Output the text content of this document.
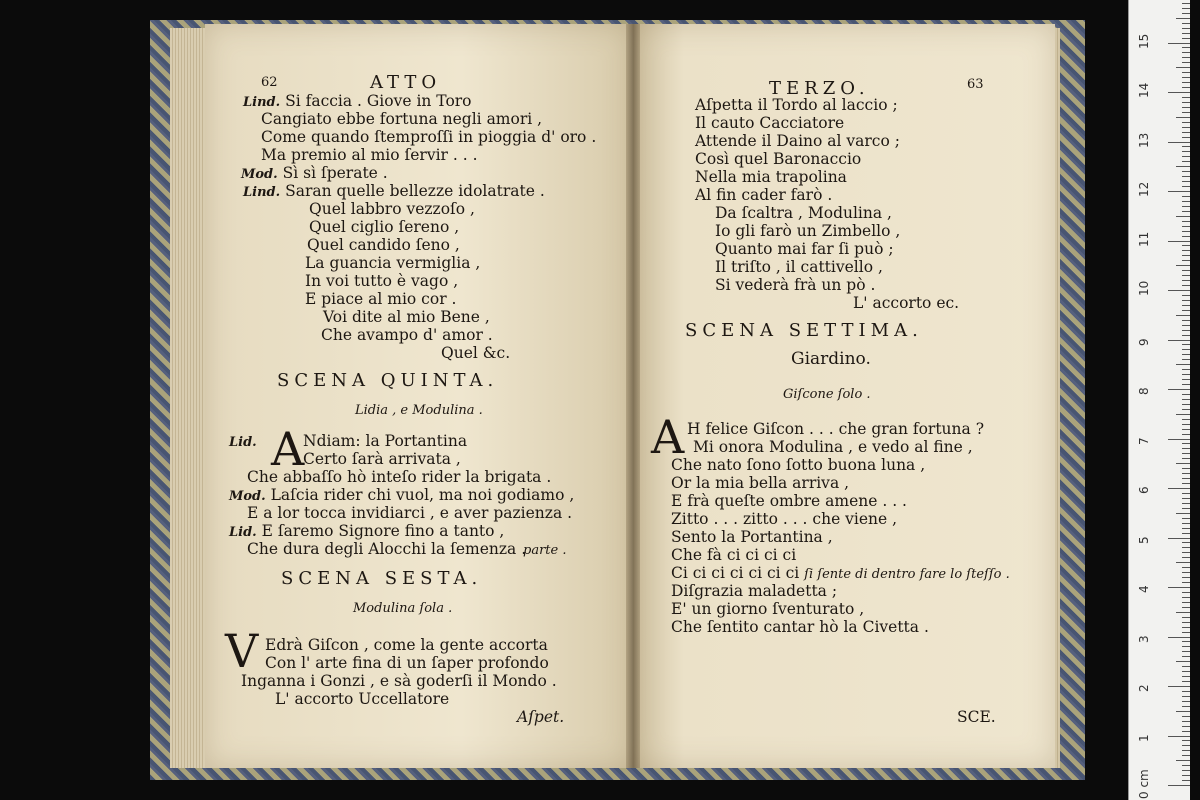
62	ATTO
Lind. Si faccia . Giove in Toro
Cangiato ebbe fortuna negli amori ,
Come quando ſtemproſſi in pioggia d' oro .
Ma premio al mio ſervir . . .
Mod. Sì sì ſperate .
Lind. Saran quelle bellezze idolatrate .
Quel labbro vezzoſo ,
Quel ciglio ſereno ,
Quel candido ſeno ,
La guancia vermiglia ,
In voi tutto è vago ,
E piace al mio cor .
Voi dite al mio Bene ,
Che avampo d' amor .
Quel &c.
SCENA QUINTA.
Lidia , e Modulina .
A
Lid.	Ndiam: la Portantina
Certo ſarà arrivata ,
Che abbaſſo hò inteſo rider la brigata .
Mod. Laſcia rider chi vuol, ma noi godiamo ,
E a lor tocca invidiarci , e aver pazienza .
Lid. E ſaremo Signore fino a tanto ,
Che dura degli Alocchi la ſemenza .
parte .
SCENA SESTA.
Modulina ſola .
V Edrà Giſcon , come la gente accorta
Con l' arte fina di un ſaper profondo
Inganna i Gonzi , e sà goderſi il Mondo .
L' accorto Uccellatore
Aſpet.
TERZO.	63
Aſpetta il Tordo al laccio ;
Il cauto Cacciatore
Attende il Daino al varco ;
Così quel Baronaccio
Nella mia trapolina
Al fin cader farò .
Da ſcaltra , Modulina ,
Io gli farò un Zimbello ,
Quanto mai far ſi può ;
Il triſto , il cattivello ,
Si vederà frà un pò .
L' accorto ec.
SCENA SETTIMA.
Giardino.
Giſcone ſolo .
A H felice Giſcon . . . che gran fortuna ?
Mi onora Modulina , e vedo al fine ,
Che nato ſono ſotto buona luna ,
Or la mia bella arriva ,
E frà queſte ombre amene . . .
Zitto . . . zitto . . . che viene ,
Sento la Portantina ,
Che fà ci ci ci ci
Ci ci ci ci ci ci ci ſi ſente di dentro fare lo ſteſſo .
Diſgrazia maladetta ;
E' un giorno ſventurato ,
Che ſentito cantar hò la Civetta .
SCE.
0 cm
1
2
3
4
5
6
7
8
9
10
11
12
13
14
15
